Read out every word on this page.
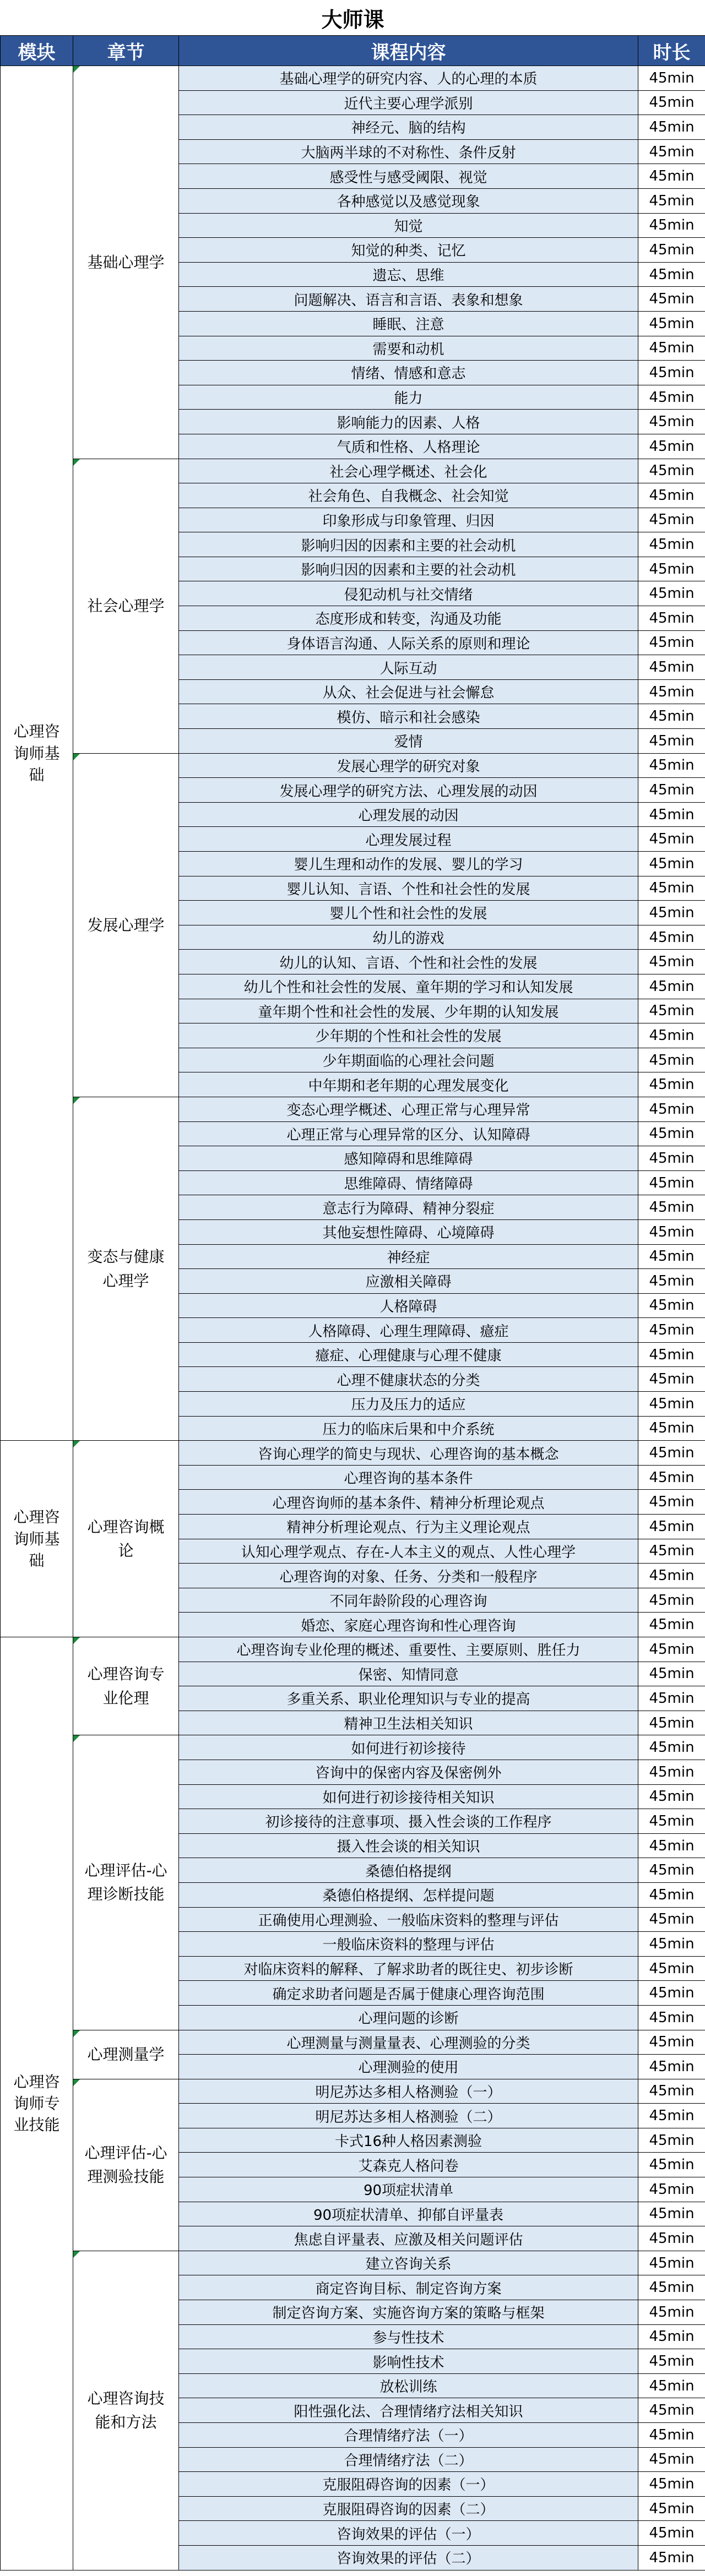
大师课			
模块	章节	课程内容	时长
心理咨询师基础	基础心理学	基础心理学的研究内容、人的心理的本质	45min
		近代主要心理学派别	45min
		神经元、脑的结构	45min
		大脑两半球的不对称性、条件反射	45min
		感受性与感受阈限、视觉	45min
		各种感觉以及感觉现象	45min
		知觉	45min
		知觉的种类、记忆	45min
		遗忘、思维	45min
		问题解决、语言和言语、表象和想象	45min
		睡眠、注意	45min
		需要和动机	45min
		情绪、情感和意志	45min
		能力	45min
		影响能力的因素、人格	45min
		气质和性格、人格理论	45min

社会心理学	社会心理学概述、社会化	45min
		社会角色、自我概念、社会知觉	45min
		印象形成与印象管理、归因	45min
		影响归因的因素和主要的社会动机	45min
		影响归因的因素和主要的社会动机	45min
		侵犯动机与社交情绪	45min
		态度形成和转变，沟通及功能	45min
		身体语言沟通、人际关系的原则和理论	45min
		人际互动	45min
		从众、社会促进与社会懈怠	45min
		模仿、暗示和社会感染	45min
		爱情	45min

发展心理学	发展心理学的研究对象	45min
		发展心理学的研究方法、心理发展的动因	45min
		心理发展的动因	45min
		心理发展过程	45min
		婴儿生理和动作的发展、婴儿的学习	45min
		婴儿认知、言语、个性和社会性的发展	45min
		婴儿个性和社会性的发展	45min
		幼儿的游戏	45min
		幼儿的认知、言语、个性和社会性的发展	45min
		幼儿个性和社会性的发展、童年期的学习和认知发展	45min
		童年期个性和社会性的发展、少年期的认知发展	45min
		少年期的个性和社会性的发展	45min
		少年期面临的心理社会问题	45min
		中年期和老年期的心理发展变化	45min

变态与健康心理学	变态心理学概述、心理正常与心理异常	45min
		心理正常与心理异常的区分、认知障碍	45min
		感知障碍和思维障碍	45min
		思维障碍、情绪障碍	45min
		意志行为障碍、精神分裂症	45min
		其他妄想性障碍、心境障碍	45min
		神经症	45min
		应激相关障碍	45min
		人格障碍	45min
		人格障碍、心理生理障碍、癔症	45min
		癔症、心理健康与心理不健康	45min
		心理不健康状态的分类	45min
		压力及压力的适应	45min
		压力的临床后果和中介系统	45min
心理咨询师基础	心理咨询概论	咨询心理学的简史与现状、心理咨询的基本概念	45min
		心理咨询的基本条件	45min
		心理咨询师的基本条件、精神分析理论观点	45min
		精神分析理论观点、行为主义理论观点	45min
		认知心理学观点、存在-人本主义的观点、人性心理学	45min
		心理咨询的对象、任务、分类和一般程序	45min
		不同年龄阶段的心理咨询	45min
		婚恋、家庭心理咨询和性心理咨询	45min
心理咨询师专业技能	心理咨询专业伦理	心理咨询专业伦理的概述、重要性、主要原则、胜任力	45min
		保密、知情同意	45min
		多重关系、职业伦理知识与专业的提高	45min
		精神卫生法相关知识	45min

心理评估-心理诊断技能	如何进行初诊接待	45min
		咨询中的保密内容及保密例外	45min
		如何进行初诊接待相关知识	45min
		初诊接待的注意事项、摄入性会谈的工作程序	45min
		摄入性会谈的相关知识	45min
		桑德伯格提纲	45min
		桑德伯格提纲、怎样提问题	45min
		正确使用心理测验、一般临床资料的整理与评估	45min
		一般临床资料的整理与评估	45min
		对临床资料的解释、了解求助者的既往史、初步诊断	45min
		确定求助者问题是否属于健康心理咨询范围	45min
		心理问题的诊断	45min

心理测量学	心理测量与测量量表、心理测验的分类	45min
		心理测验的使用	45min

心理评估-心理测验技能	明尼苏达多相人格测验（一）	45min
		明尼苏达多相人格测验（二）	45min
		卡式16种人格因素测验	45min
		艾森克人格问卷	45min
		90项症状清单	45min
		90项症状清单、抑郁自评量表	45min
		焦虑自评量表、应激及相关问题评估	45min

心理咨询技能和方法	建立咨询关系	45min
		商定咨询目标、制定咨询方案	45min
		制定咨询方案、实施咨询方案的策略与框架	45min
		参与性技术	45min
		影响性技术	45min
		放松训练	45min
		阳性强化法、合理情绪疗法相关知识	45min
		合理情绪疗法（一）	45min
		合理情绪疗法（二）	45min
		克服阻碍咨询的因素（一）	45min
		克服阻碍咨询的因素（二）	45min
		咨询效果的评估（一）	45min
		咨询效果的评估（二）	45min
